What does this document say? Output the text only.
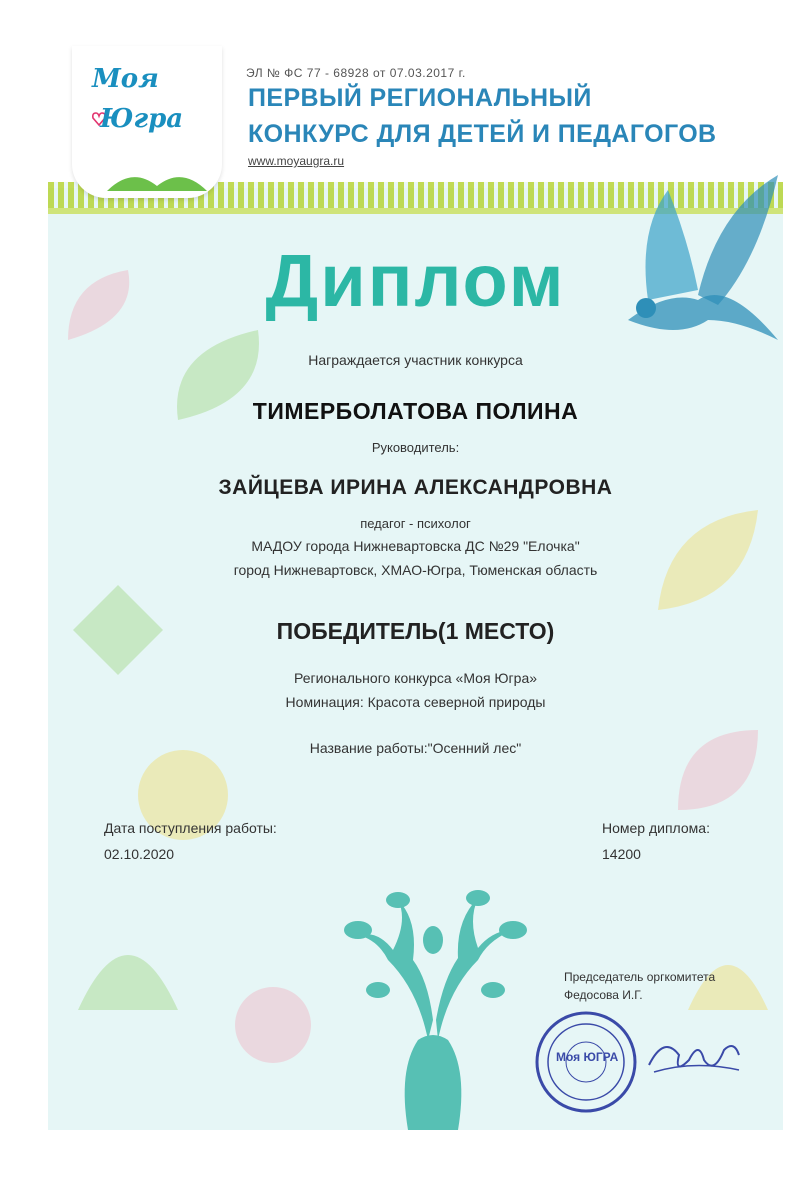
Моя
Югра
ЭЛ № ФС 77 - 68928 от 07.03.2017 г.
ПЕРВЫЙ РЕГИОНАЛЬНЫЙ
КОНКУРС ДЛЯ ДЕТЕЙ И ПЕДАГОГОВ
www.moyaugra.ru
Диплом
Награждается участник конкурса
ТИМЕРБОЛАТОВА ПОЛИНА
Руководитель:
ЗАЙЦЕВА ИРИНА АЛЕКСАНДРОВНА
педагог - психолог
МАДОУ города Нижневартовска ДС №29 "Елочка"
город Нижневартовск, ХМАО-Югра, Тюменская область
ПОБЕДИТЕЛЬ(1 МЕСТО)
Регионального конкурса «Моя Югра»
Номинация: Красота северной природы
Название работы:"Осенний лес"
Дата поступления работы:
02.10.2020
Номер диплома:
14200
Председатель оргкомитета
Федосова И.Г.
Моя ЮГРА
